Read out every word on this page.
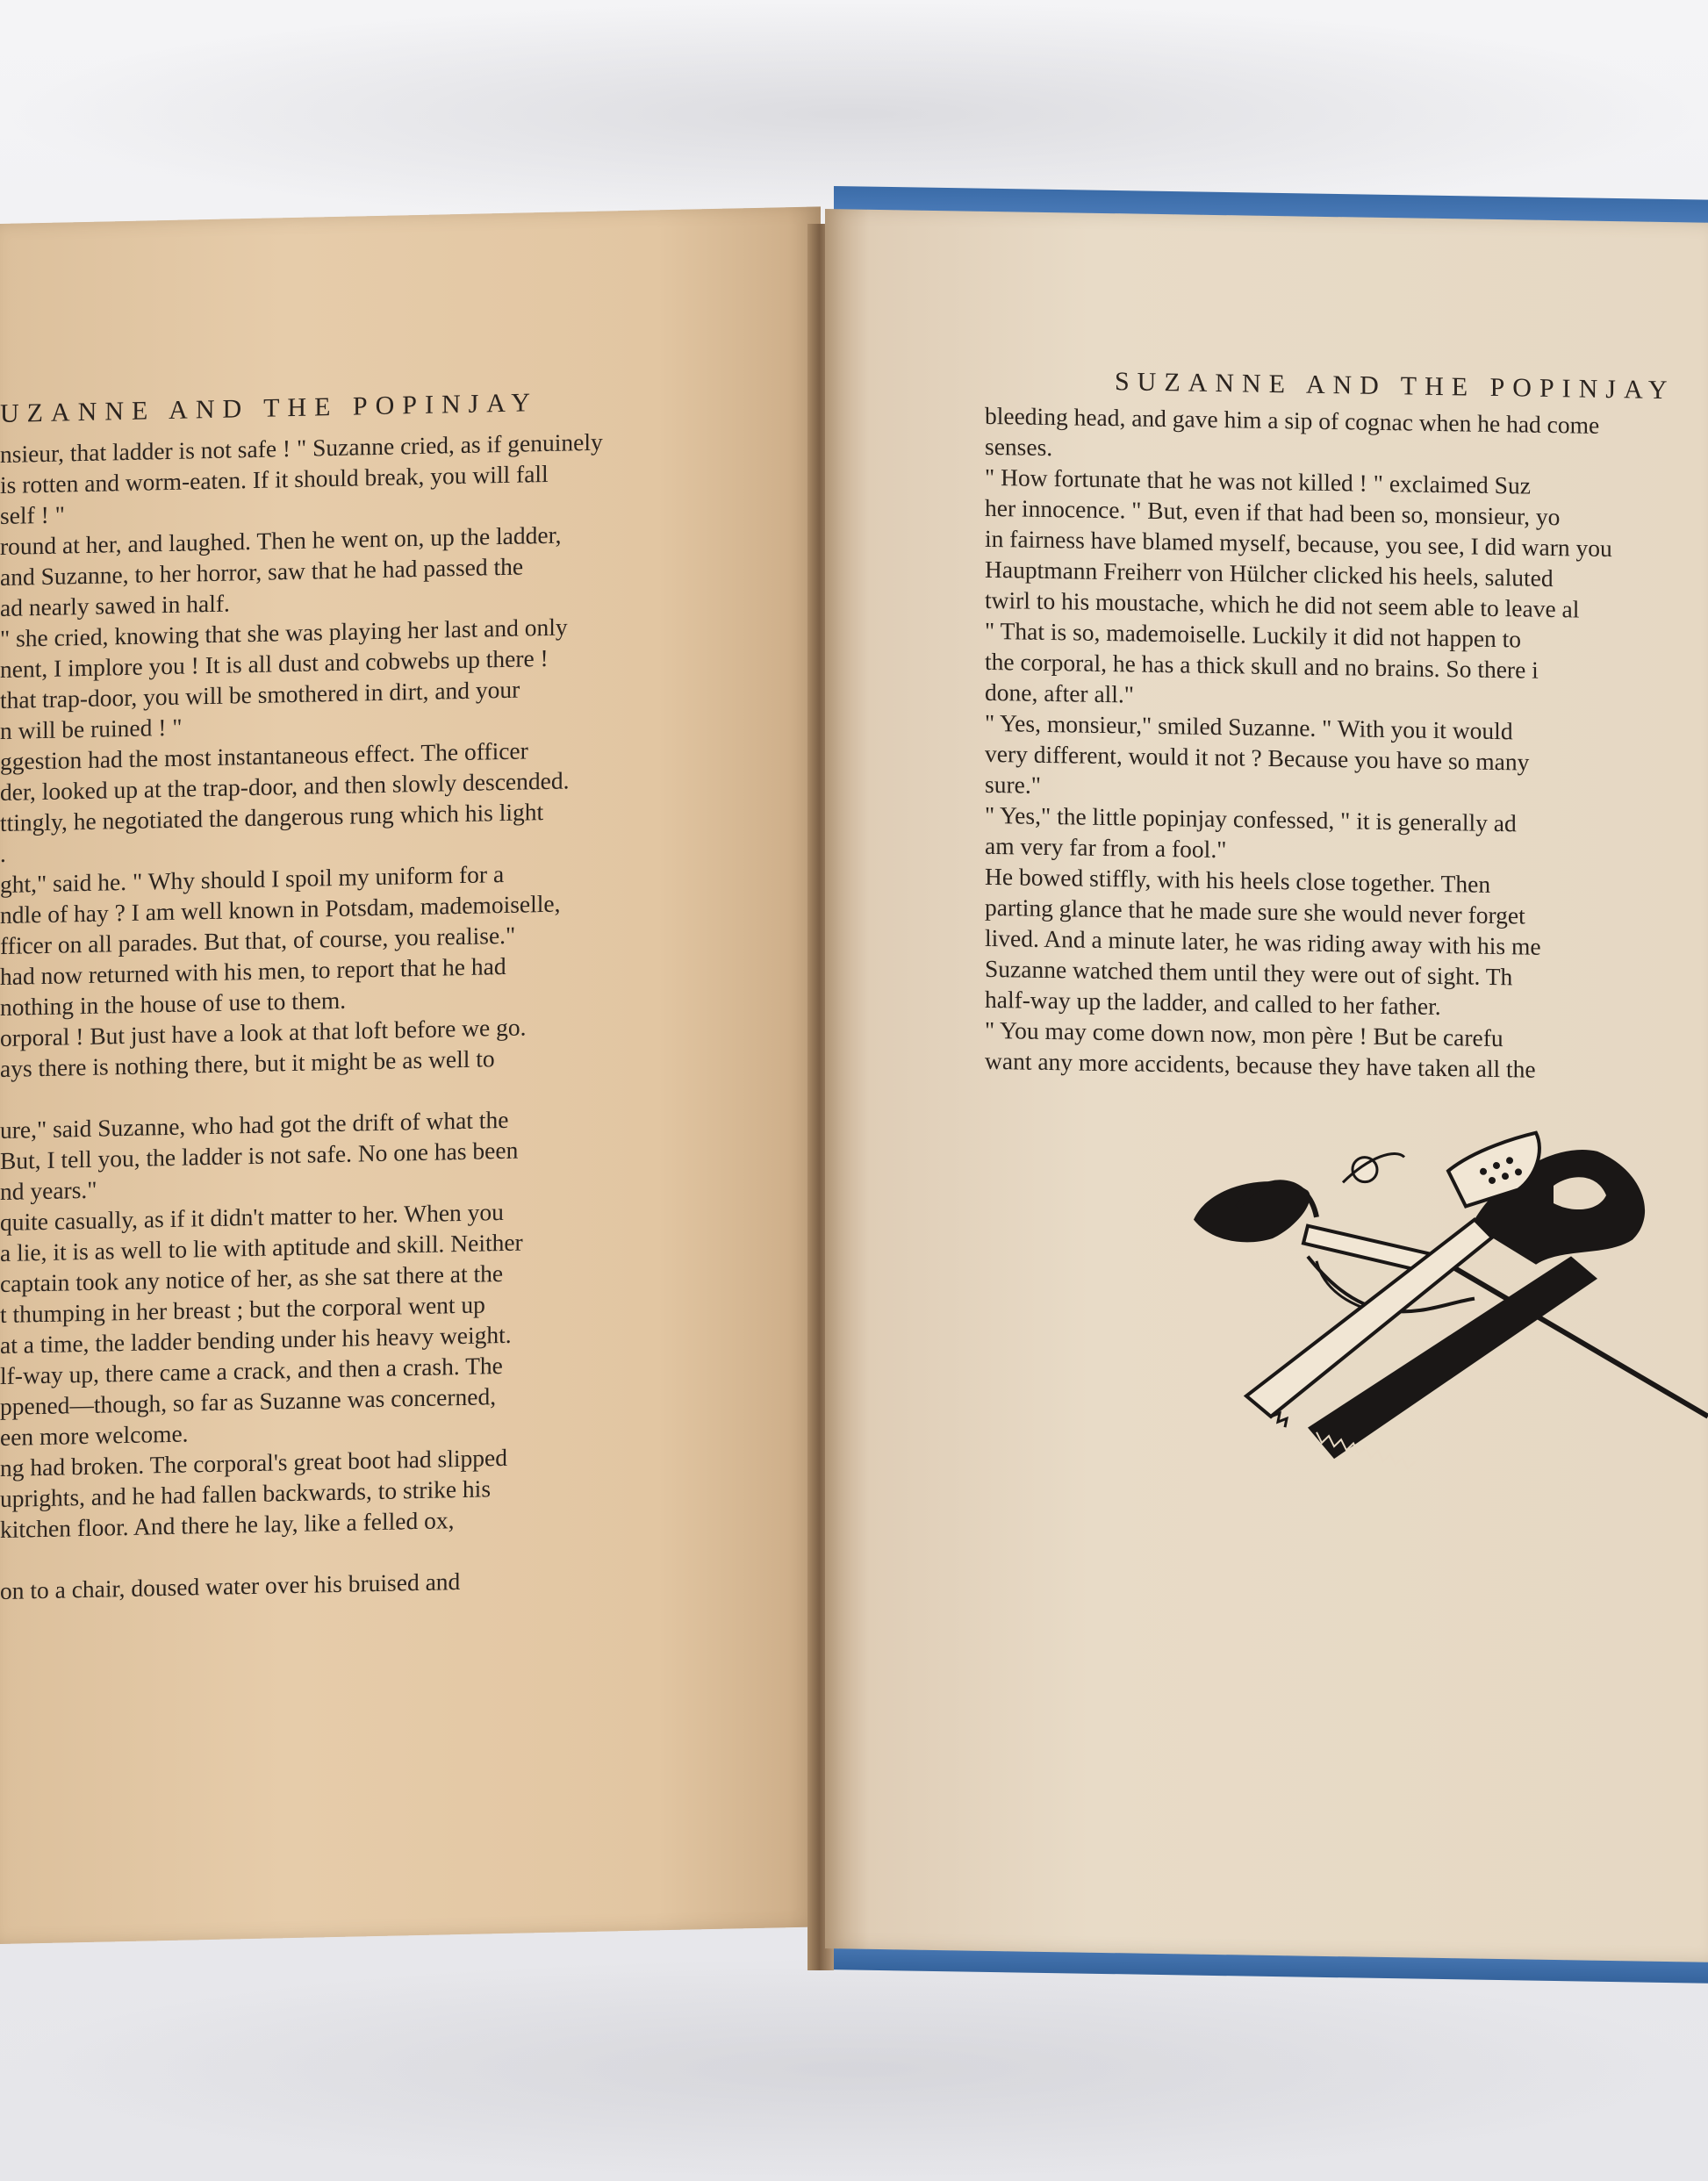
UZANNE AND THE POPINJAY
nsieur, that ladder is not safe ! " Suzanne cried, as if genuinely
is rotten and worm-eaten. If it should break, you will fall
self ! "
round at her, and laughed. Then he went on, up the ladder,
and Suzanne, to her horror, saw that he had passed the
ad nearly sawed in half.
" she cried, knowing that she was playing her last and only
nent, I implore you ! It is all dust and cobwebs up there !
that trap-door, you will be smothered in dirt, and your
n will be ruined ! "
ggestion had the most instantaneous effect. The officer
der, looked up at the trap-door, and then slowly descended.
ttingly, he negotiated the dangerous rung which his light
.
ght," said he. " Why should I spoil my uniform for a
ndle of hay ? I am well known in Potsdam, mademoiselle,
fficer on all parades. But that, of course, you realise."
had now returned with his men, to report that he had
nothing in the house of use to them.
orporal ! But just have a look at that loft before we go.
ays there is nothing there, but it might be as well to

ure," said Suzanne, who had got the drift of what the
But, I tell you, the ladder is not safe. No one has been
nd years."
quite casually, as if it didn't matter to her. When you
a lie, it is as well to lie with aptitude and skill. Neither
captain took any notice of her, as she sat there at the
t thumping in her breast ; but the corporal went up
at a time, the ladder bending under his heavy weight.
lf-way up, there came a crack, and then a crash. The
ppened—though, so far as Suzanne was concerned,
een more welcome.
ng had broken. The corporal's great boot had slipped
uprights, and he had fallen backwards, to strike his
kitchen floor. And there he lay, like a felled ox,

on to a chair, doused water over his bruised and
SUZANNE AND THE POPINJAY
bleeding head, and gave him a sip of cognac when he had come
senses.
" How fortunate that he was not killed ! " exclaimed Suz
her innocence. " But, even if that had been so, monsieur, yo
in fairness have blamed myself, because, you see, I did warn you
Hauptmann Freiherr von Hülcher clicked his heels, saluted
twirl to his moustache, which he did not seem able to leave al
" That is so, mademoiselle. Luckily it did not happen to
the corporal, he has a thick skull and no brains. So there i
done, after all."
" Yes, monsieur," smiled Suzanne. " With you it would
very different, would it not ? Because you have so many
sure."
" Yes," the little popinjay confessed, " it is generally ad
am very far from a fool."
He bowed stiffly, with his heels close together. Then
parting glance that he made sure she would never forget
lived. And a minute later, he was riding away with his me
Suzanne watched them until they were out of sight. Th
half-way up the ladder, and called to her father.
" You may come down now, mon père ! But be carefu
want any more accidents, because they have taken all the
